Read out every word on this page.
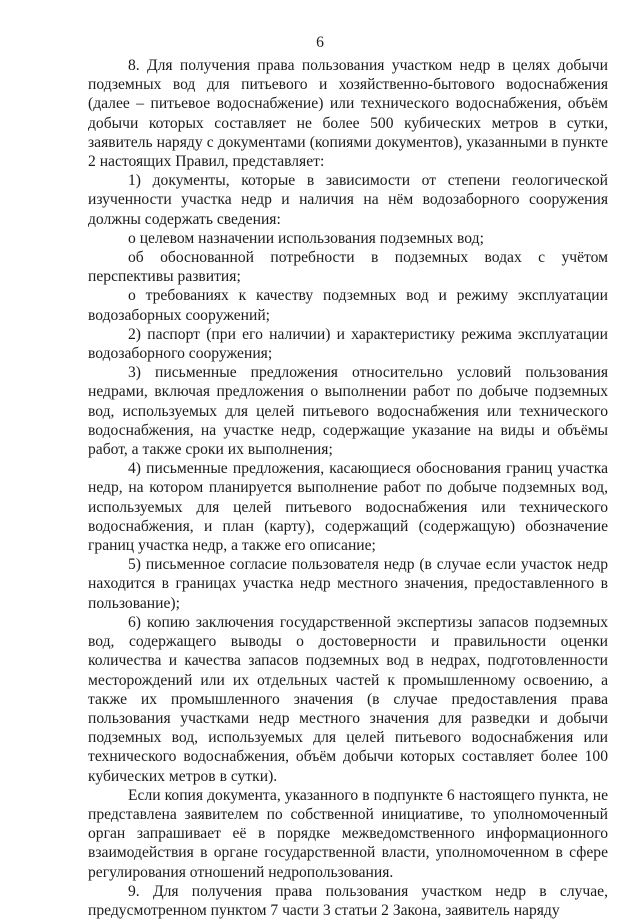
6

8. Для получения права пользования участком недр в целях добычи подземных вод для питьевого и хозяйственно-бытового водоснабжения (далее – питьевое водоснабжение) или технического водоснабжения, объём добычи которых составляет не более 500 кубических метров в сутки, заявитель наряду с документами (копиями документов), указанными в пункте 2 настоящих Правил, представляет:

1) документы, которые в зависимости от степени геологической изученности участка недр и наличия на нём водозаборного сооружения должны содержать сведения:

о целевом назначении использования подземных вод;

об обоснованной потребности в подземных водах с учётом перспективы развития;

о требованиях к качеству подземных вод и режиму эксплуатации водозаборных сооружений;

2) паспорт (при его наличии) и характеристику режима эксплуатации водозаборного сооружения;

3) письменные предложения относительно условий пользования недрами, включая предложения о выполнении работ по добыче подземных вод, используемых для целей питьевого водоснабжения или технического водоснабжения, на участке недр, содержащие указание на виды и объёмы работ, а также сроки их выполнения;

4) письменные предложения, касающиеся обоснования границ участка недр, на котором планируется выполнение работ по добыче подземных вод, используемых для целей питьевого водоснабжения или технического водоснабжения, и план (карту), содержащий (содержащую) обозначение границ участка недр, а также его описание;

5) письменное согласие пользователя недр (в случае если участок недр находится в границах участка недр местного значения, предоставленного в пользование);

6) копию заключения государственной экспертизы запасов подземных вод, содержащего выводы о достоверности и правильности оценки количества и качества запасов подземных вод в недрах, подготовленности месторождений или их отдельных частей к промышленному освоению, а также их промышленного значения (в случае предоставления права пользования участками недр местного значения для разведки и добычи подземных вод, используемых для целей питьевого водоснабжения или технического водоснабжения, объём добычи которых составляет более 100 кубических метров в сутки).

Если копия документа, указанного в подпункте 6 настоящего пункта, не представлена заявителем по собственной инициативе, то уполномоченный орган запрашивает её в порядке межведомственного информационного взаимодействия в органе государственной власти, уполномоченном в сфере регулирования отношений недропользования.

9. Для получения права пользования участком недр в случае, предусмотренном пунктом 7 части 3 статьи 2 Закона, заявитель наряду
